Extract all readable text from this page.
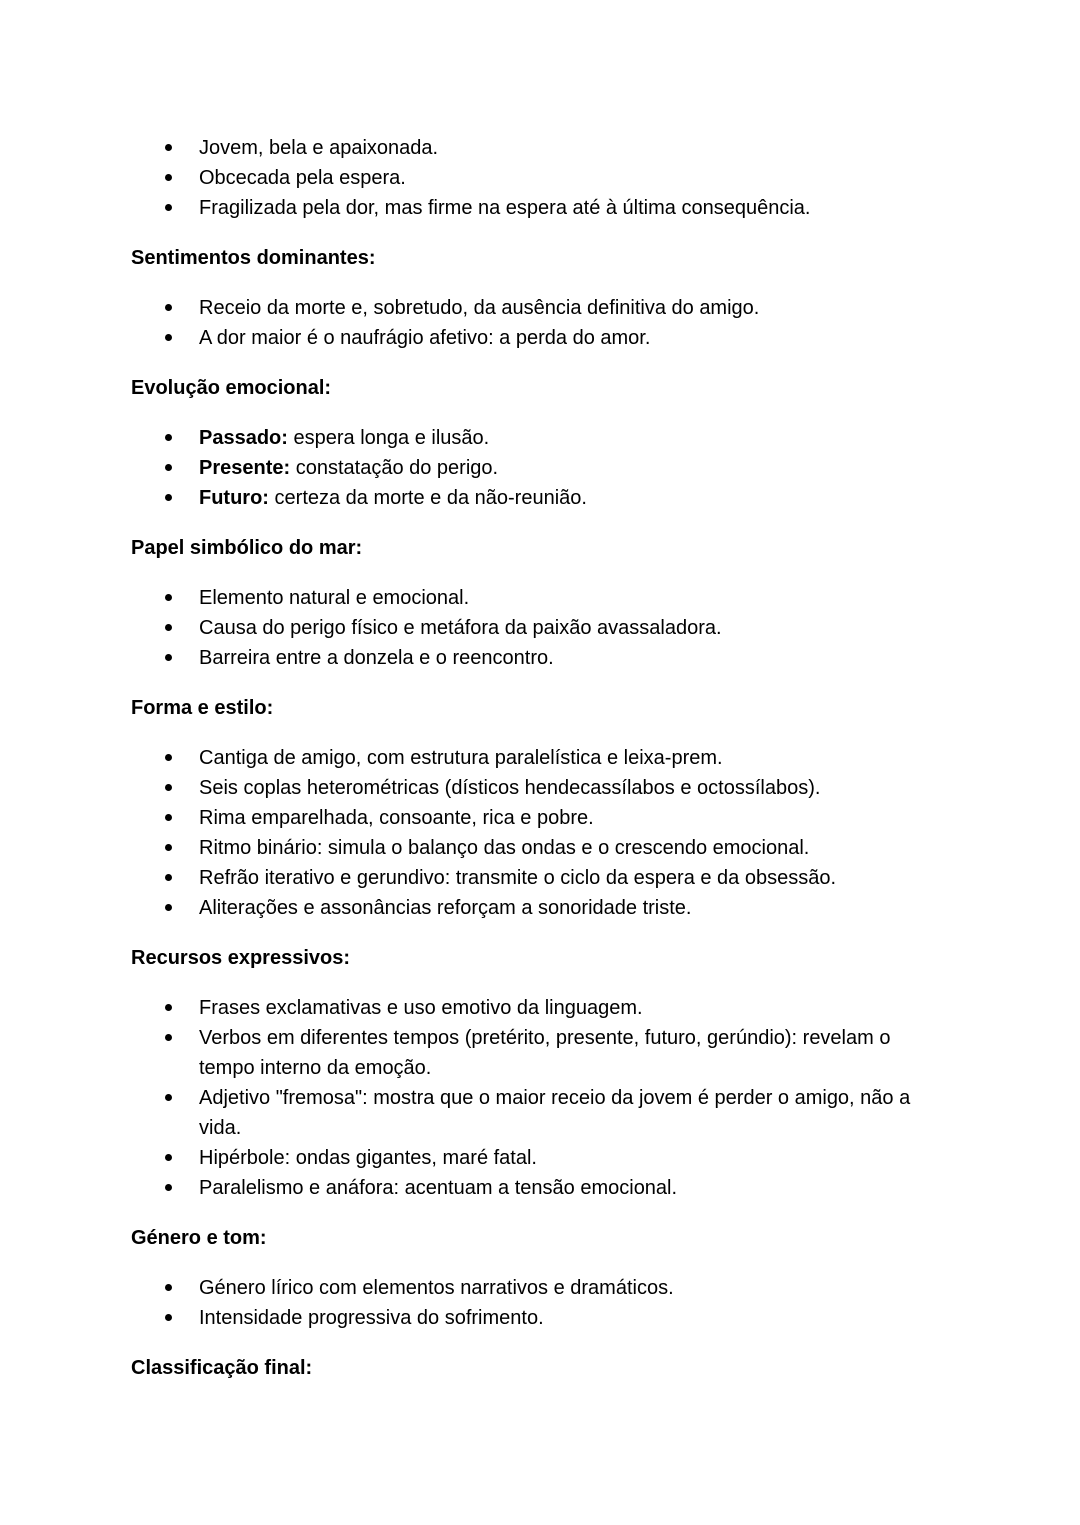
Jovem, bela e apaixonada.
Obcecada pela espera.
Fragilizada pela dor, mas firme na espera até à última consequência.
Sentimentos dominantes:
Receio da morte e, sobretudo, da ausência definitiva do amigo.
A dor maior é o naufrágio afetivo: a perda do amor.
Evolução emocional:
Passado: espera longa e ilusão.
Presente: constatação do perigo.
Futuro: certeza da morte e da não-reunião.
Papel simbólico do mar:
Elemento natural e emocional.
Causa do perigo físico e metáfora da paixão avassaladora.
Barreira entre a donzela e o reencontro.
Forma e estilo:
Cantiga de amigo, com estrutura paralelística e leixa-prem.
Seis coplas heterométricas (dísticos hendecassílabos e octossílabos).
Rima emparelhada, consoante, rica e pobre.
Ritmo binário: simula o balanço das ondas e o crescendo emocional.
Refrão iterativo e gerundivo: transmite o ciclo da espera e da obsessão.
Aliterações e assonâncias reforçam a sonoridade triste.
Recursos expressivos:
Frases exclamativas e uso emotivo da linguagem.
Verbos em diferentes tempos (pretérito, presente, futuro, gerúndio): revelam o tempo interno da emoção.
Adjetivo "fremosa": mostra que o maior receio da jovem é perder o amigo, não a vida.
Hipérbole: ondas gigantes, maré fatal.
Paralelismo e anáfora: acentuam a tensão emocional.
Género e tom:
Género lírico com elementos narrativos e dramáticos.
Intensidade progressiva do sofrimento.
Classificação final:
